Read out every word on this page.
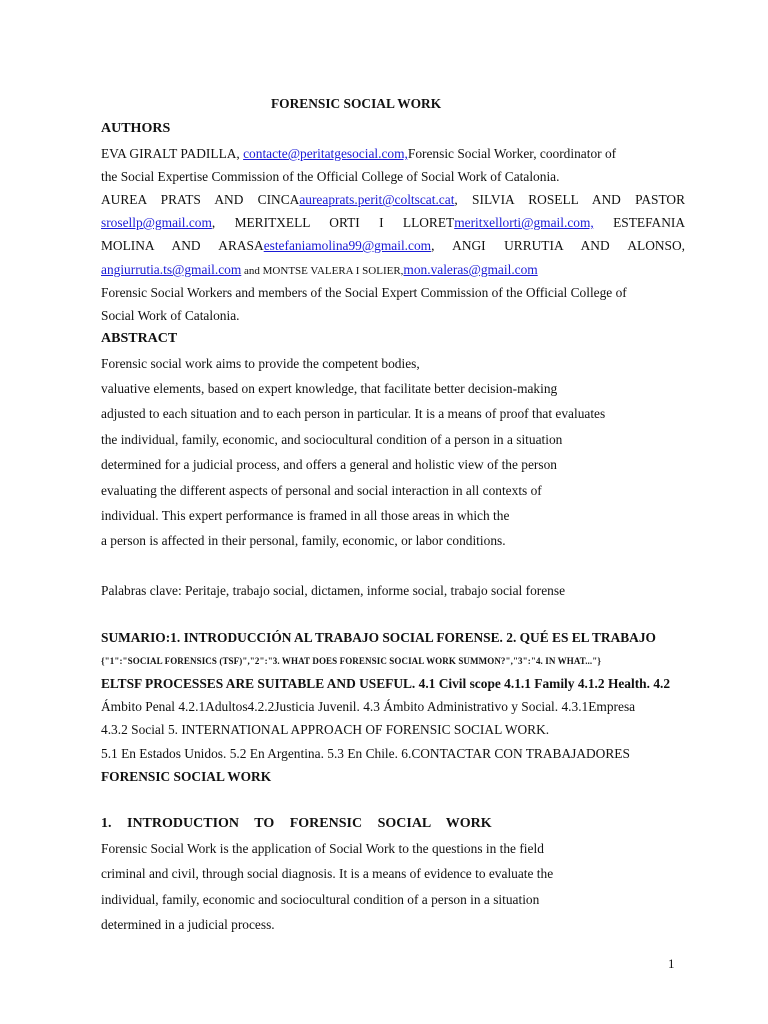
FORENSIC SOCIAL WORK
AUTHORS
EVA GIRALT PADILLA, contacte@peritatgesocial.com,Forensic Social Worker, coordinator of
the Social Expertise Commission of the Official College of Social Work of Catalonia.
AUREA PRATS AND CINCAaureaprats.perit@coltscat.cat, SILVIA ROSELL AND PASTOR
srosellp@gmail.com, MERITXELL ORTI I LLORETmeritxellorti@gmail.com, ESTEFANIA
MOLINA AND ARASAestefaniamolina99@gmail.com, ANGI URRUTIA AND ALONSO,
angiurrutia.ts@gmail.com and MONTSE VALERA I SOLIER,mon.valeras@gmail.com
Forensic Social Workers and members of the Social Expert Commission of the Official College of
Social Work of Catalonia.
ABSTRACT
Forensic social work aims to provide the competent bodies,
valuative elements, based on expert knowledge, that facilitate better decision-making
adjusted to each situation and to each person in particular. It is a means of proof that evaluates
the individual, family, economic, and sociocultural condition of a person in a situation
determined for a judicial process, and offers a general and holistic view of the person
evaluating the different aspects of personal and social interaction in all contexts of
individual. This expert performance is framed in all those areas in which the
a person is affected in their personal, family, economic, or labor conditions.
Palabras clave: Peritaje, trabajo social, dictamen, informe social, trabajo social forense
SUMARIO:1. INTRODUCCIÓN AL TRABAJO SOCIAL FORENSE. 2. QUÉ ES EL TRABAJO
{"1":"SOCIAL FORENSICS (TSF)","2":"3. WHAT DOES FORENSIC SOCIAL WORK SUMMON?","3":"4. IN WHAT..."}
ELTSF PROCESSES ARE SUITABLE AND USEFUL. 4.1 Civil scope 4.1.1 Family 4.1.2 Health. 4.2
Ámbito Penal 4.2.1Adultos4.2.2Justicia Juvenil. 4.3 Ámbito Administrativo y Social. 4.3.1Empresa
4.3.2 Social 5. INTERNATIONAL APPROACH OF FORENSIC SOCIAL WORK.
5.1 En Estados Unidos. 5.2 En Argentina. 5.3 En Chile. 6.CONTACTAR CON TRABAJADORES
FORENSIC SOCIAL WORK
1. INTRODUCTION TO FORENSIC SOCIAL WORK
Forensic Social Work is the application of Social Work to the questions in the field
criminal and civil, through social diagnosis. It is a means of evidence to evaluate the
individual, family, economic and sociocultural condition of a person in a situation
determined in a judicial process.
1
